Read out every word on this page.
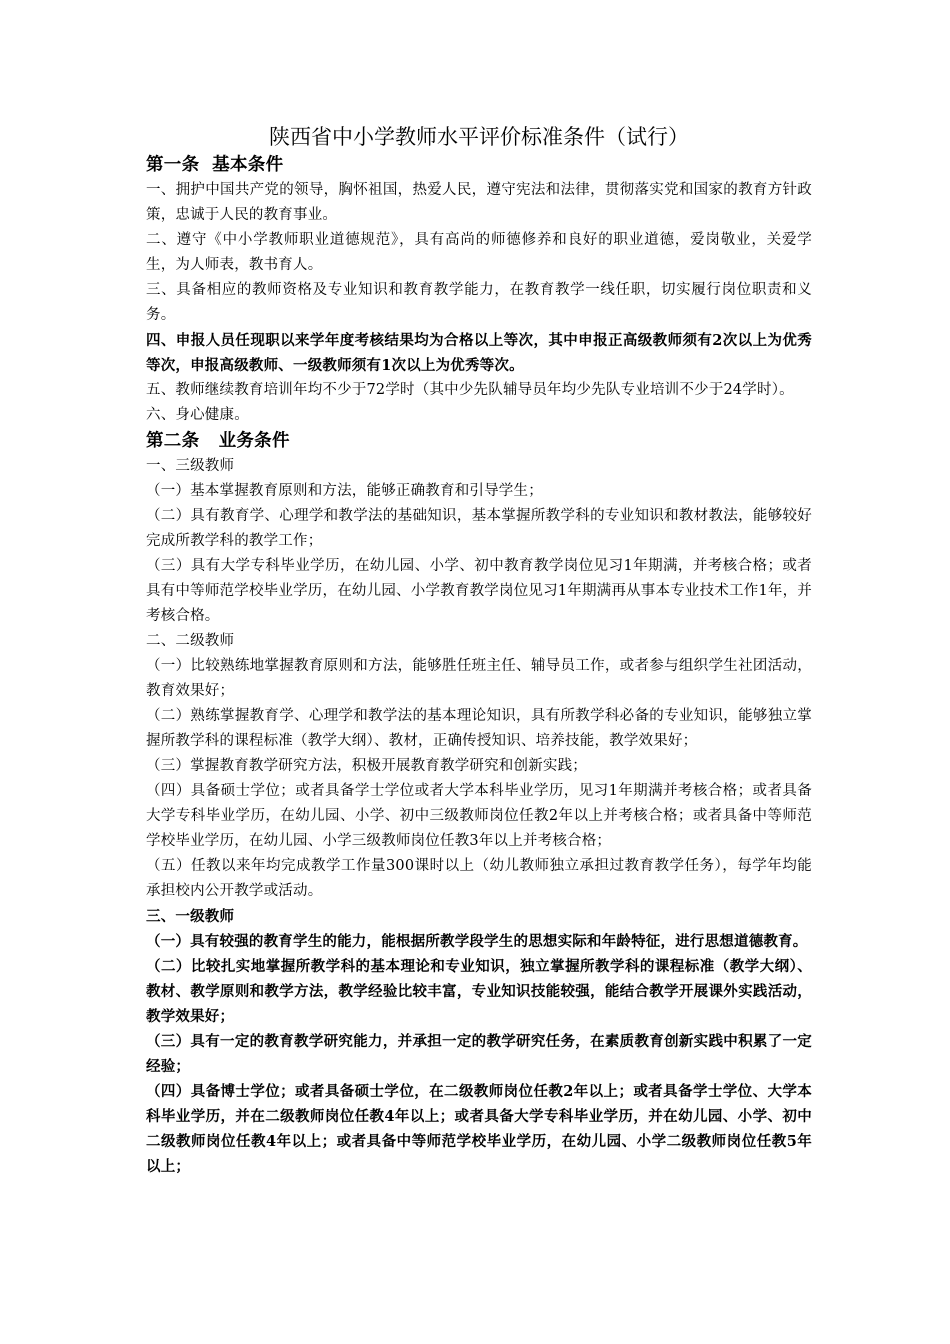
陕西省中小学教师水平评价标准条件（试行）
第一条  基本条件

一、拥护中国共产党的领导，胸怀祖国，热爱人民，遵守宪法和法律，贯彻落实党和国家的教育方针政策，忠诚于人民的教育事业。

二、遵守《中小学教师职业道德规范》，具有高尚的师德修养和良好的职业道德，爱岗敬业，关爱学生，为人师表，教书育人。

三、具备相应的教师资格及专业知识和教育教学能力，在教育教学一线任职，切实履行岗位职责和义务。

四、申报人员任现职以来学年度考核结果均为合格以上等次，其中申报正高级教师须有2次以上为优秀等次，申报高级教师、一级教师须有1次以上为优秀等次。

五、教师继续教育培训年均不少于72学时（其中少先队辅导员年均少先队专业培训不少于24学时）。

六、身心健康。

第二条   业务条件

一、三级教师

（一）基本掌握教育原则和方法，能够正确教育和引导学生；

（二）具有教育学、心理学和教学法的基础知识，基本掌握所教学科的专业知识和教材教法，能够较好完成所教学科的教学工作；

（三）具有大学专科毕业学历，在幼儿园、小学、初中教育教学岗位见习1年期满，并考核合格；或者具有中等师范学校毕业学历，在幼儿园、小学教育教学岗位见习1年期满再从事本专业技术工作1年，并考核合格。

二、二级教师

（一）比较熟练地掌握教育原则和方法，能够胜任班主任、辅导员工作，或者参与组织学生社团活动，教育效果好；

（二）熟练掌握教育学、心理学和教学法的基本理论知识，具有所教学科必备的专业知识，能够独立掌握所教学科的课程标准（教学大纲）、教材，正确传授知识、培养技能，教学效果好；

（三）掌握教育教学研究方法，积极开展教育教学研究和创新实践；

（四）具备硕士学位；或者具备学士学位或者大学本科毕业学历，见习1年期满并考核合格；或者具备大学专科毕业学历，在幼儿园、小学、初中三级教师岗位任教2年以上并考核合格；或者具备中等师范学校毕业学历，在幼儿园、小学三级教师岗位任教3年以上并考核合格；

（五）任教以来年均完成教学工作量300课时以上（幼儿教师独立承担过教育教学任务），每学年均能承担校内公开教学或活动。

三、一级教师

（一）具有较强的教育学生的能力，能根据所教学段学生的思想实际和年龄特征，进行思想道德教育。

（二）比较扎实地掌握所教学科的基本理论和专业知识，独立掌握所教学科的课程标准（教学大纲）、教材、教学原则和教学方法，教学经验比较丰富，专业知识技能较强，能结合教学开展课外实践活动，教学效果好；

（三）具有一定的教育教学研究能力，并承担一定的教学研究任务，在素质教育创新实践中积累了一定经验；

（四）具备博士学位；或者具备硕士学位，在二级教师岗位任教2年以上；或者具备学士学位、大学本科毕业学历，并在二级教师岗位任教4年以上；或者具备大学专科毕业学历，并在幼儿园、小学、初中二级教师岗位任教4年以上；或者具备中等师范学校毕业学历，在幼儿园、小学二级教师岗位任教5年以上；
